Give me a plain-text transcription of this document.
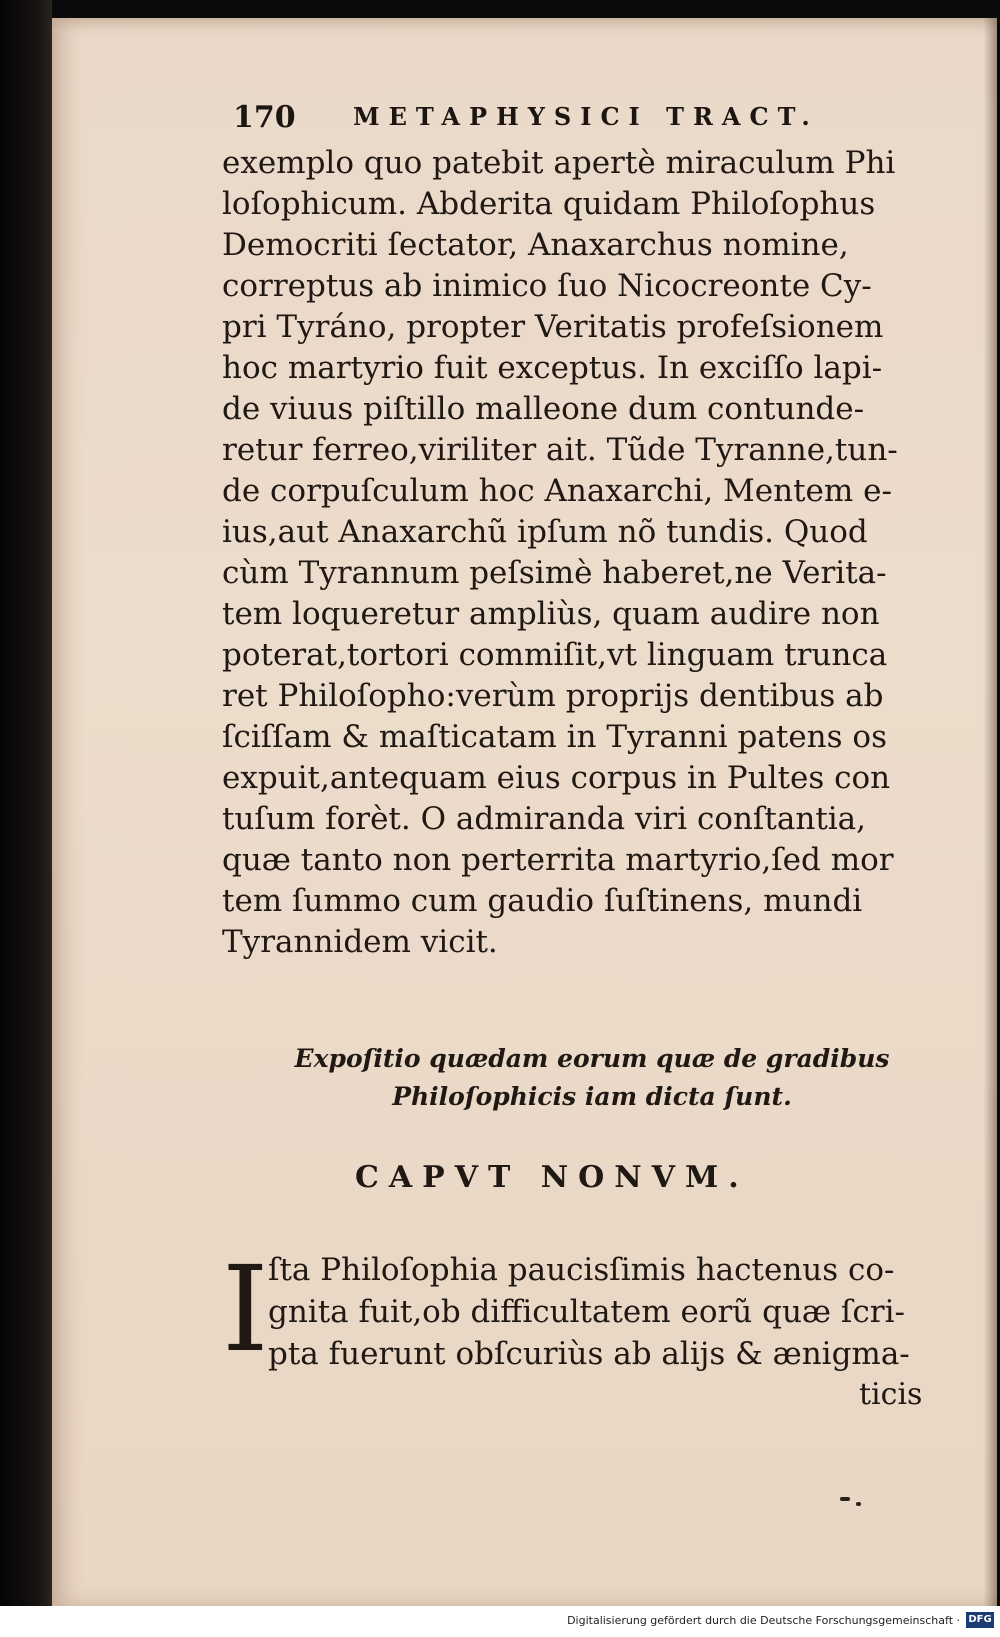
170 METAPHYSICI TRACT.
exemplo quo patebit apertè miraculum Phi
loſophicum. Abderita quidam Philoſophus
Democriti ſectator, Anaxarchus nomine,
correptus ab inimico ſuo Nicocreonte Cy-
pri Tyráno, propter Veritatis profeſsionem
hoc martyrio fuit exceptus. In exciſſo lapi-
de viuus piſtillo malleone dum contunde-
retur ferreo,viriliter ait. Tũde Tyranne,tun-
de corpuſculum hoc Anaxarchi, Mentem e-
ius,aut Anaxarchũ ipſum nõ tundis. Quod
cùm Tyrannum peſsimè haberet,ne Verita-
tem loqueretur ampliùs, quam audire non
poterat,tortori commiſit,vt linguam trunca
ret Philoſopho:verùm proprijs dentibus ab
ſciſſam & maſticatam in Tyranni patens os
expuit,antequam eius corpus in Pultes con
tuſum forèt. O admiranda viri conſtantia,
quæ tanto non perterrita martyrio,ſed mor
tem ſummo cum gaudio ſuſtinens, mundi
Tyrannidem vicit.
Expoſitio quædam eorum quæ de gradibus
Philoſophicis iam dicta ſunt.
CAPVT NONVM.
I ſta Philoſophia paucisſimis hactenus co-
gnita fuit,ob difficultatem eorũ quæ ſcri-
pta fuerunt obſcuriùs ab alijs & ænigma-
ticis
Digitalisierung gefördert durch die Deutsche Forschungsgemeinschaft · DFG
